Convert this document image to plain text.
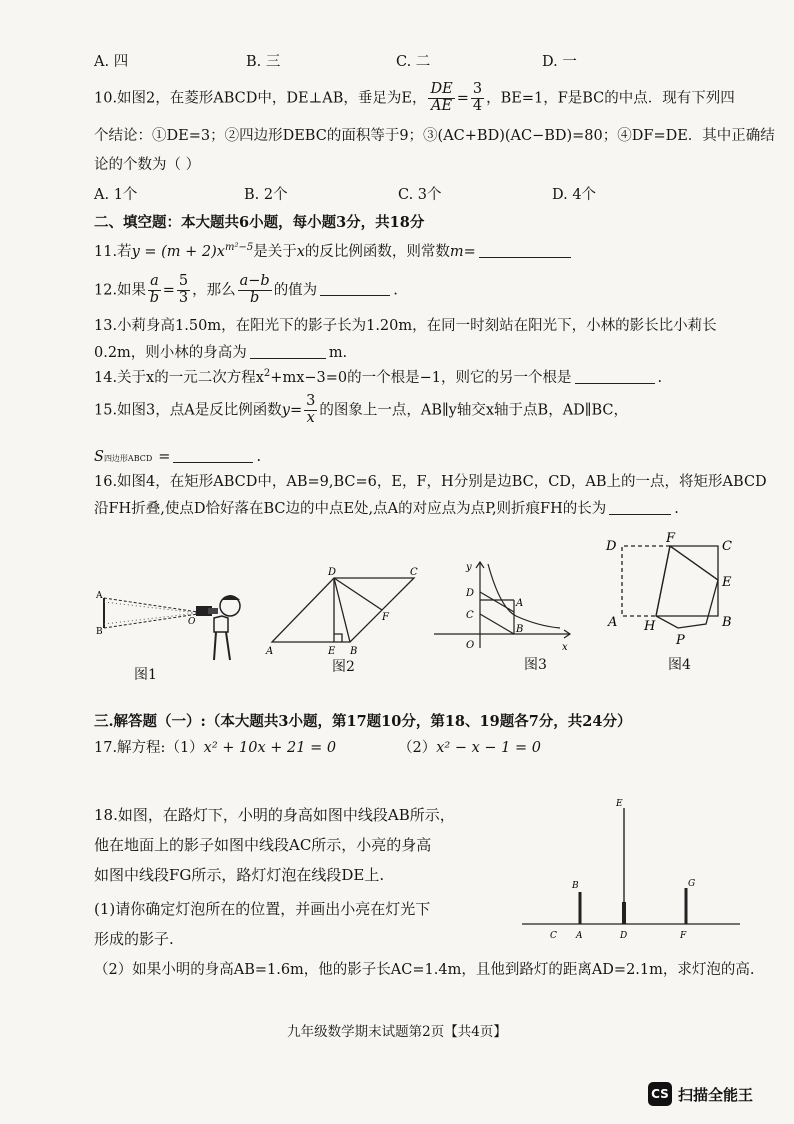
A. 四	B. 三	C. 二	D. 一
10.如图2，在菱形ABCD中，DE⊥AB，垂足为E， $\frac{DE}{AE} = \frac{3}{4}$ ，BE=1，F是BC的中点．现有下列四
个结论：①DE=3；②四边形DEBC的面积等于9；③(AC+BD)(AC−BD)=80；④DF=DE．其中正确结
论的个数为（ ）
A. 1个	B. 2个	C. 3个	D. 4个
二、填空题：本大题共6小题，每小题3分，共18分
11.若$y = (m + 2)x^{m^2-5}$是关于x的反比例函数，则常数m=
12.如果 $\frac{a}{b} = \frac{5}{3}$ ，那么 $\frac{a-b}{b}$ 的值为	.
13.小莉身高1.50m，在阳光下的影子长为1.20m，在同一时刻站在阳光下，小林的影长比小莉长
0.2m，则小林的身高为	m.
14.关于x的一元二次方程$x^2+mx-3=0$的一个根是−1，则它的另一个根是	.
15.如图3，点A是反比例函数$y= \frac{3}{x}$ 的图象上一点，AB∥y轴交x轴于点B，AD∥BC，
S四边形ABCD =	.
16.如图4，在矩形ABCD中，AB=9,BC=6，E，F，H分别是边BC，CD，AB上的一点，将矩形ABCD
沿FH折叠,使点D恰好落在BC边的中点E处,点A的对应点为点P,则折痕FH的长为	.
A
B
O
图1
D	C
F
A	E B
图2
y
D
A
C
B
O	x
图3
D
F
C
E
A H	B
P
图4
三.解答题（一）:（本大题共3小题，第17题10分，第18、19题各7分，共24分）
17.解方程:（1）x² + 10x + 21 = 0	（2）x² − x − 1 = 0
18.如图，在路灯下，小明的身高如图中线段AB所示，
他在地面上的影子如图中线段AC所示，小亮的身高
如图中线段FG所示，路灯灯泡在线段DE上.
(1)请你确定灯泡所在的位置，并画出小亮在灯光下
形成的影子.
（2）如果小明的身高AB=1.6m，他的影子长AC=1.4m，且他到路灯的距离AD=2.1m，求灯泡的高.
E
B	G
C A	D	F
九年级数学期末试题第2页【共4页】
CS 扫描全能王
